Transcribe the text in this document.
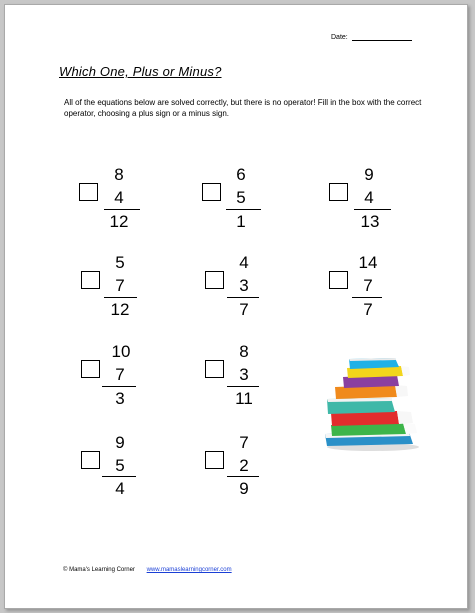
Date:
Which One, Plus or Minus?
All of the equations below are solved correctly, but there is no operator! Fill in the box with the correct operator, choosing a plus sign or a minus sign.
8
4
12
6
5
1
9
4
13
5
7
12
4
3
7
14
7
7
10
7
3
8
3
11
9
5
4
7
2
9
© Mama's Learning Corner www.mamaslearningcorner.com
